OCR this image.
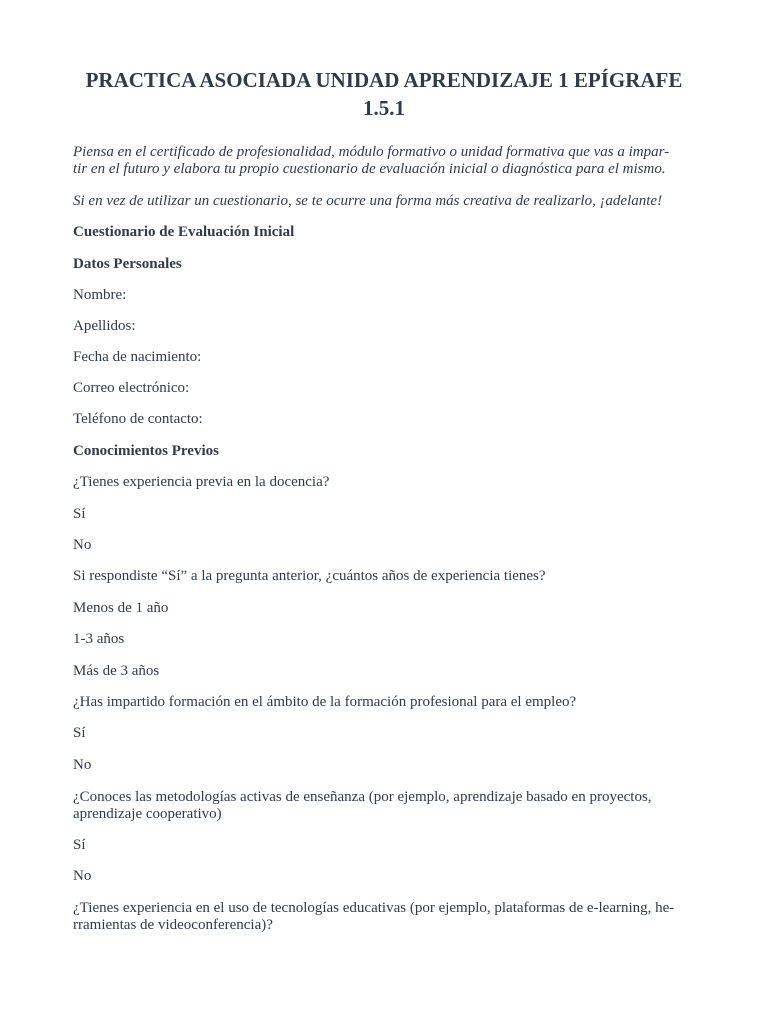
PRACTICA ASOCIADA UNIDAD APRENDIZAJE 1 EPÍGRAFE
1.5.1

Piensa en el certificado de profesionalidad, módulo formativo o unidad formativa que vas a impar-
tir en el futuro y elabora tu propio cuestionario de evaluación inicial o diagnóstica para el mismo.

Si en vez de utilizar un cuestionario, se te ocurre una forma más creativa de realizarlo, ¡adelante!

Cuestionario de Evaluación Inicial

Datos Personales

Nombre:

Apellidos:

Fecha de nacimiento:

Correo electrónico:

Teléfono de contacto:

Conocimientos Previos

¿Tienes experiencia previa en la docencia?

Sí

No

Si respondiste “Sí” a la pregunta anterior, ¿cuántos años de experiencia tienes?

Menos de 1 año

1-3 años

Más de 3 años

¿Has impartido formación en el ámbito de la formación profesional para el empleo?

Sí

No

¿Conoces las metodologías activas de enseñanza (por ejemplo, aprendizaje basado en proyectos,
aprendizaje cooperativo)

Sí

No

¿Tienes experiencia en el uso de tecnologías educativas (por ejemplo, plataformas de e-learning, he-
rramientas de videoconferencia)?
